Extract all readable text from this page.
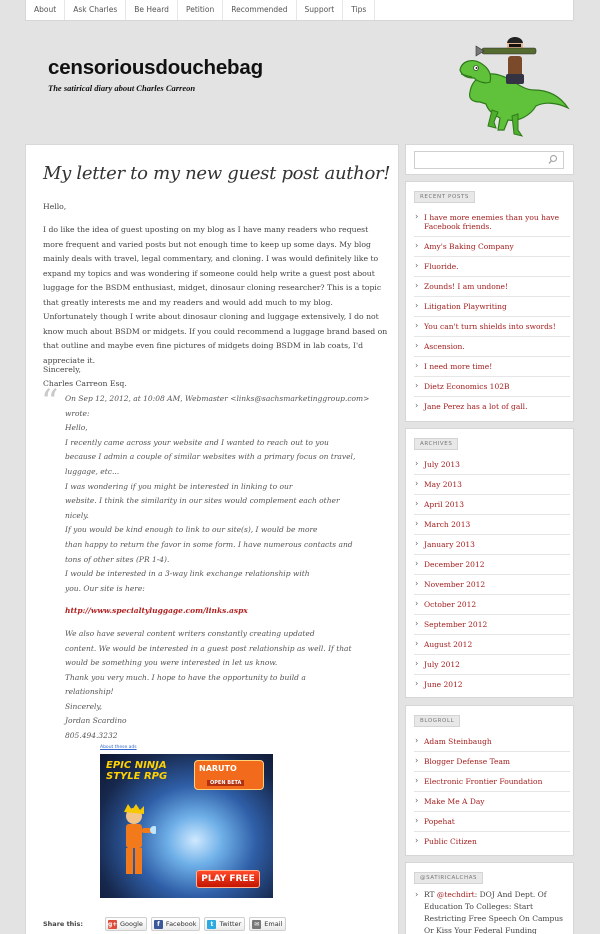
About	Ask Charles	Be Heard	Petition	Recommended	Support	Tips
censoriousdouchebag
The satirical diary about Charles Carreon
My letter to my new guest post author!

Hello,

I do like the idea of guest uposting on my blog as I have many readers who request more frequent and varied posts but not enough time to keep up some days. My blog mainly deals with travel, legal commentary, and cloning. I was would definitely like to expand my topics and was wondering if someone could help write a guest post about luggage for the BSDM enthusiast, midget, dinosaur cloning researcher? This is a topic that greatly interests me and my readers and would add much to my blog. Unfortunately though I write about dinosaur cloning and luggage extensively, I do not know much about BSDM or midgets. If you could recommend a luggage brand based on that outline and maybe even fine pictures of midgets doing BSDM in lab coats, I'd appreciate it.

Sincerely,

Charles Carreon Esq.

“ On Sep 12, 2012, at 10:08 AM, Webmaster <links@sachsmarketinggroup.com> wrote:
Hello,
I recently came across your website and I wanted to reach out to you
because I admin a couple of similar websites with a primary focus on travel,
luggage, etc...
I was wondering if you might be interested in linking to our
website. I think the similarity in our sites would complement each other
nicely.
If you would be kind enough to link to our site(s), I would be more
than happy to return the favor in some form. I have numerous contacts and
tons of other sites (PR 1-4).
I would be interested in a 3-way link exchange relationship with
you. Our site is here:
http://www.specialtyluggage.com/links.aspx
We also have several content writers constantly creating updated
content. We would be interested in a guest post relationship as well. If that
would be something you were interested in let us know.
Thank you very much. I hope to have the opportunity to build a
relationship!
Sincerely,
Jordan Scardino
805.494.3232
About these ads
EPIC NINJA
STYLE RPG
NARUTO
OPEN BETA
PLAY FREE
Share this:	g+ Google	f Facebook	t Twitter	✉ Email
RECENT POSTS
› I have more enemies than you have Facebook friends.
› Amy's Baking Company
› Fluoride.
› Zounds! I am undone!
› Litigation Playwriting
› You can't turn shields into swords!
› Ascension.
› I need more time!
› Dietz Economics 102B
› Jane Perez has a lot of gall.
ARCHIVES
› July 2013
› May 2013
› April 2013
› March 2013
› January 2013
› December 2012
› November 2012
› October 2012
› September 2012
› August 2012
› July 2012
› June 2012
BLOGROLL
› Adam Steinbaugh
› Blogger Defense Team
› Electronic Frontier Foundation
› Make Me A Day
› Popehat
› Public Citizen
@SATIRICALCHAS
› RT @techdirt: DOJ And Dept. Of Education To Colleges: Start Restricting Free Speech On Campus Or Kiss Your Federal Funding
